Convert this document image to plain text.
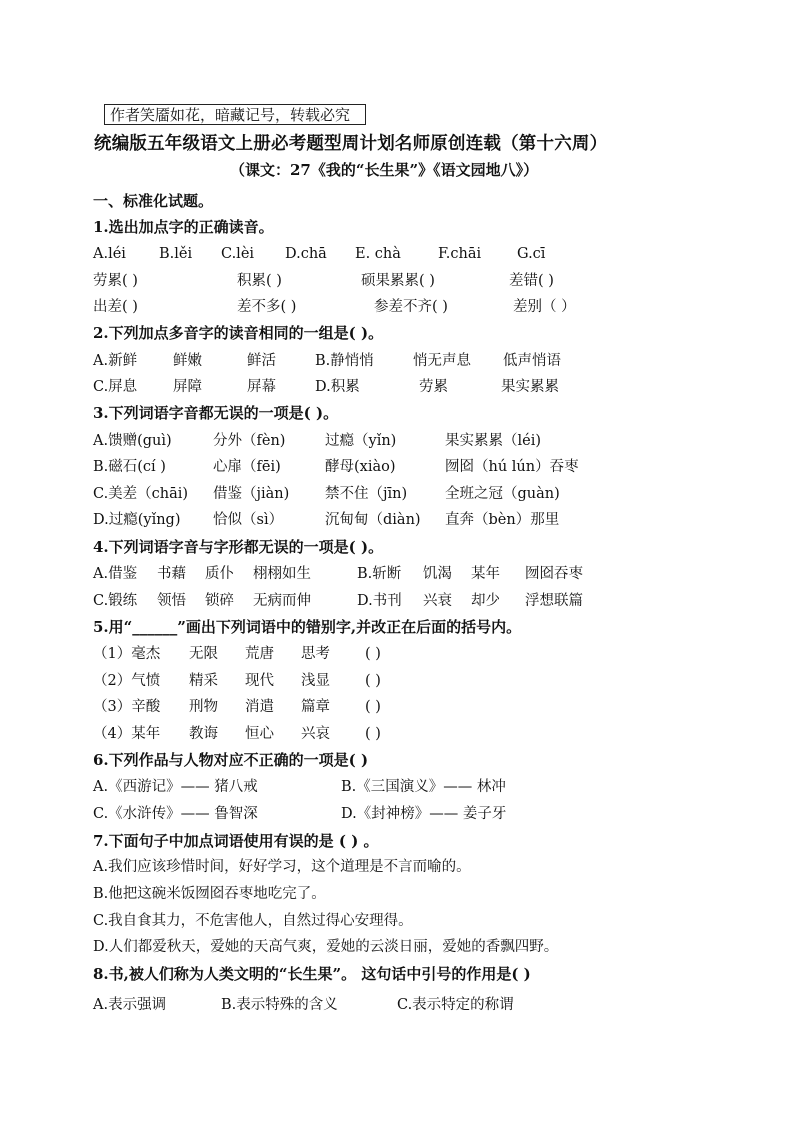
作者笑靥如花，暗藏记号，转载必究
统编版五年级语文上册必考题型周计划名师原创连载（第十六周）
（课文：27《我的“长生果”》《语文园地八》）
一、标准化试题。
1.选出加点字的正确读音。
A.léi B.lěi C.lèi D.chā E. chà	F.chāi G.cī
劳累( )	积累( )	硕果累累( )	差错( )
出差( )	差不多( )	参差不齐( )	差别（ ）
2.下列加点多音字的读音相同的一组是( )。
A.新鲜 鲜嫩	鲜活	B.静悄悄	悄无声息 低声悄语
C.屏息 屏障	屏幕	D.积累	劳累	果实累累
3.下列词语字音都无误的一项是( )。
A.馈赠(guì)	分外（fèn)	过瘾（yǐn)	果实累累（léi)
B.磁石(cí )	心扉（fēi)	酵母(xiào)	囫囵（hú lún）吞枣
C.美差（chāi) 借鉴（jiàn) 禁不住（jīn)	全班之冠（guàn)
D.过瘾(yǐng) 恰似（sì）	沉甸甸（diàn) 直奔（bèn）那里
4.下列词语字音与字形都无误的一项是( )。
A.借鉴 书藉 质仆 栩栩如生	B.斩断 饥渴 某年 囫囵吞枣
C.锻练 领悟 锁碎 无病而伸	D.书刊 兴衰 却少 浮想联篇
5.用“______”画出下列词语中的错别字,并改正在后面的括号内。
（1）毫杰 无限 荒唐 思考 ( )
（2）气愤 精采 现代 浅显 ( )
（3）辛酸 刑物 消遣 篇章 ( )
（4）某年 教诲 恒心 兴哀 ( )
6.下列作品与人物对应不正确的一项是( )
A.《西游记》—— 猪八戒	B.《三国演义》—— 林冲
C.《水浒传》—— 鲁智深	D.《封神榜》—— 姜子牙
7.下面句子中加点词语使用有误的是 ( ) 。
A.我们应该珍惜时间，好好学习，这个道理是不言而喻的。
B.他把这碗米饭囫囵吞枣地吃完了。
C.我自食其力，不危害他人，自然过得心安理得。
D.人们都爱秋天，爱她的天高气爽，爱她的云淡日丽，爱她的香飘四野。
8.书,被人们称为人类文明的“长生果”。 这句话中引号的作用是( )
A.表示强调	B.表示特殊的含义	C.表示特定的称谓
